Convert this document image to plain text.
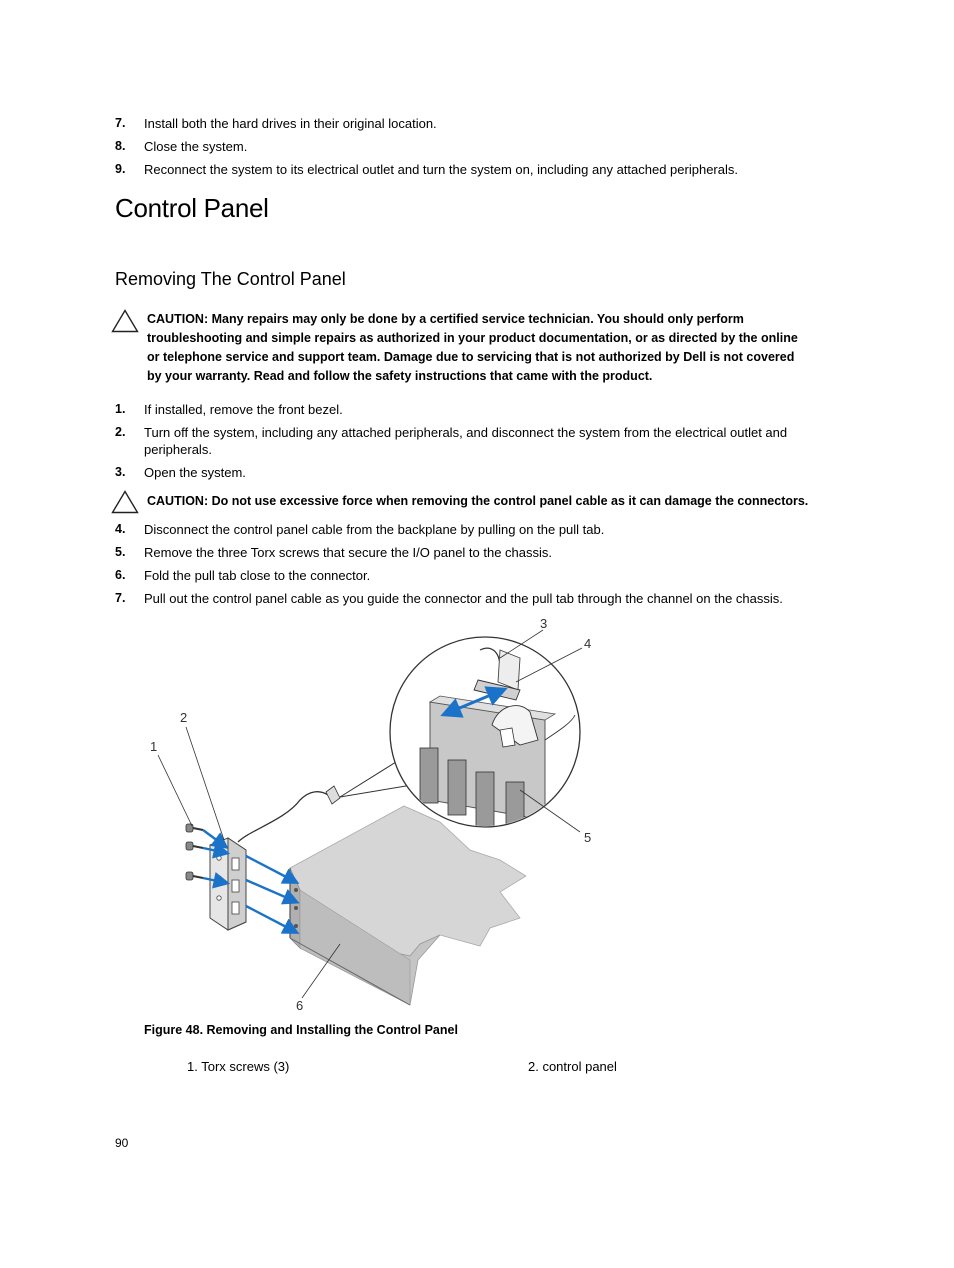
7. Install both the hard drives in their original location.
8. Close the system.
9. Reconnect the system to its electrical outlet and turn the system on, including any attached peripherals.
Control Panel
Removing The Control Panel
CAUTION: Many repairs may only be done by a certified service technician. You should only perform troubleshooting and simple repairs as authorized in your product documentation, or as directed by the online or telephone service and support team. Damage due to servicing that is not authorized by Dell is not covered by your warranty. Read and follow the safety instructions that came with the product.
1. If installed, remove the front bezel.
2. Turn off the system, including any attached peripherals, and disconnect the system from the electrical outlet and peripherals.
3. Open the system.
CAUTION: Do not use excessive force when removing the control panel cable as it can damage the connectors.
4. Disconnect the control panel cable from the backplane by pulling on the pull tab.
5. Remove the three Torx screws that secure the I/O panel to the chassis.
6. Fold the pull tab close to the connector.
7. Pull out the control panel cable as you guide the connector and the pull tab through the channel on the chassis.
1
2
3
4
5
6
Figure 48. Removing and Installing the Control Panel
1. Torx screws (3)	2. control panel
90
